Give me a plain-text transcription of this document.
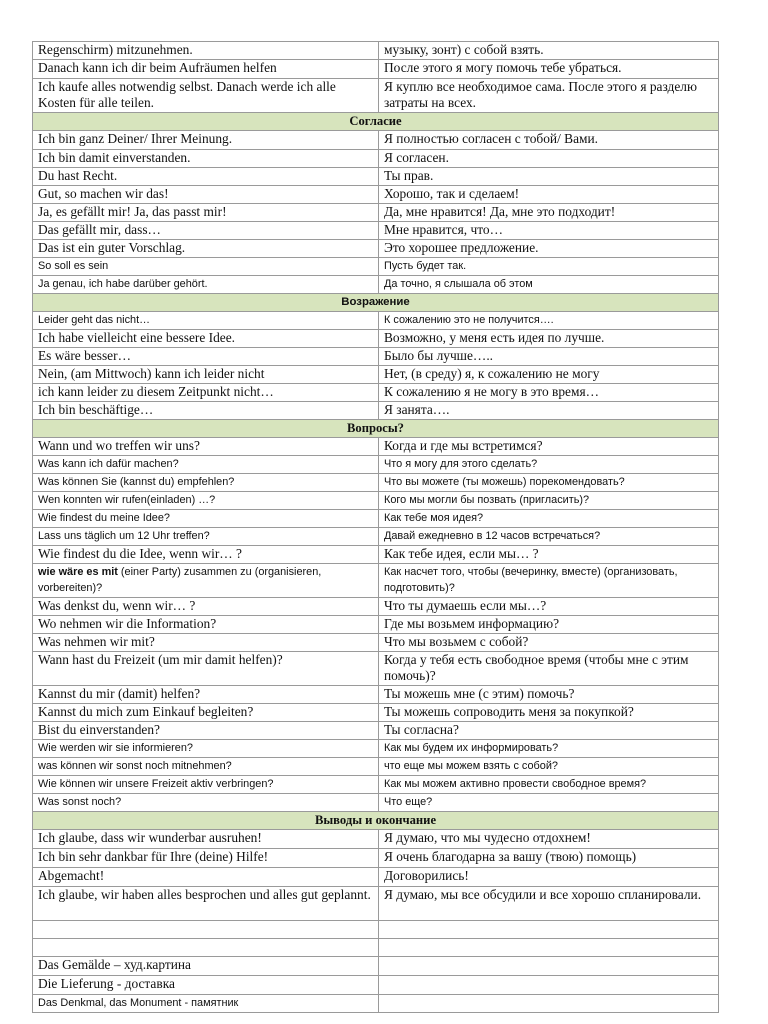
Regenschirm) mitzunehmen.	музыку, зонт) с собой взять.
Danach kann ich dir beim Aufräumen helfen	После этого я могу помочь тебе убраться.
Ich kaufe alles notwendig selbst. Danach werde ich alle Kosten für alle teilen.	Я куплю все необходимое сама. После этого я разделю затраты на всех.
Согласие	
Ich bin ganz Deiner/ Ihrer Meinung.	Я полностью согласен с тобой/ Вами.
Ich bin damit einverstanden.	Я согласен.
Du hast Recht.	Ты прав.
Gut, so machen wir das!	Хорошо, так и сделаем!
Ja, es gefällt mir! Ja, das passt mir!	Да, мне нравится! Да, мне это подходит!
Das gefällt mir, dass…	Мне нравится, что…
Das ist ein guter Vorschlag.	Это хорошее предложение.
So soll es sein	Пусть будет так.
Ja genau, ich habe darüber gehört.	Да точно, я слышала об этом
Возражение	
Leider geht das nicht…	К сожалению это не получится….
Ich habe vielleicht eine bessere Idee.	Возможно, у меня есть идея по лучше.
Es wäre besser…	Было бы лучше…..
Nein, (am Mittwoch) kann ich leider nicht	Нет, (в среду) я, к сожалению не могу
ich kann leider zu diesem Zeitpunkt nicht…	К сожалению я не могу в это время…
Ich bin beschäftige…	Я занята….
Вопросы?	
Wann und wo treffen wir uns?	Когда и где мы встретимся?
Was kann ich dafür machen?	Что я могу для этого сделать?
Was können Sie (kannst du) empfehlen?	Что вы можете (ты можешь) порекомендовать?
Wen konnten wir rufen(einladen) …?	Кого мы могли бы позвать (пригласить)?
Wie findest du meine Idee?	Как тебе моя идея?
Lass uns täglich um 12 Uhr treffen?	Давай ежедневно в 12 часов встречаться?
Wie findest du die Idee, wenn wir… ?	Как тебе идея, если мы… ?
wie wäre es mit (einer Party) zusammen zu (organisieren, vorbereiten)?	Как насчет того, чтобы (вечеринку, вместе) (организовать, подготовить)?
Was denkst du, wenn wir… ?	Что ты думаешь если мы…?
Wo nehmen wir die Information?	Где мы возьмем информацию?
Was nehmen wir mit?	Что мы возьмем с собой?
Wann hast du Freizeit (um mir damit helfen)?	Когда у тебя есть свободное время (чтобы мне с этим помочь)?
Kannst du mir (damit) helfen?	Ты можешь мне (с этим) помочь?
Kannst du mich zum Einkauf begleiten?	Ты можешь сопроводить меня за покупкой?
Bist du einverstanden?	Ты согласна?
Wie werden wir sie informieren?	Как мы будем их информировать?
was können wir sonst noch mitnehmen?	что еще мы можем взять с собой?
Wie können wir unsere Freizeit aktiv verbringen?	Как мы можем активно провести свободное время?
Was sonst noch?	Что еще?
Выводы и окончание	
Ich glaube, dass wir wunderbar ausruhen!	Я думаю, что мы чудесно отдохнем!
Ich bin sehr dankbar für Ihre (deine) Hilfe!	Я очень благодарна за вашу (твою) помощь)
Abgemacht!	Договорились!
Ich glaube, wir haben alles besprochen und alles gut geplannt.	Я думаю, мы все обсудили и все хорошо спланировали.

Das Gemälde – худ.картина	
Die Lieferung - доставка	
Das Denkmal, das Monument - памятник	
